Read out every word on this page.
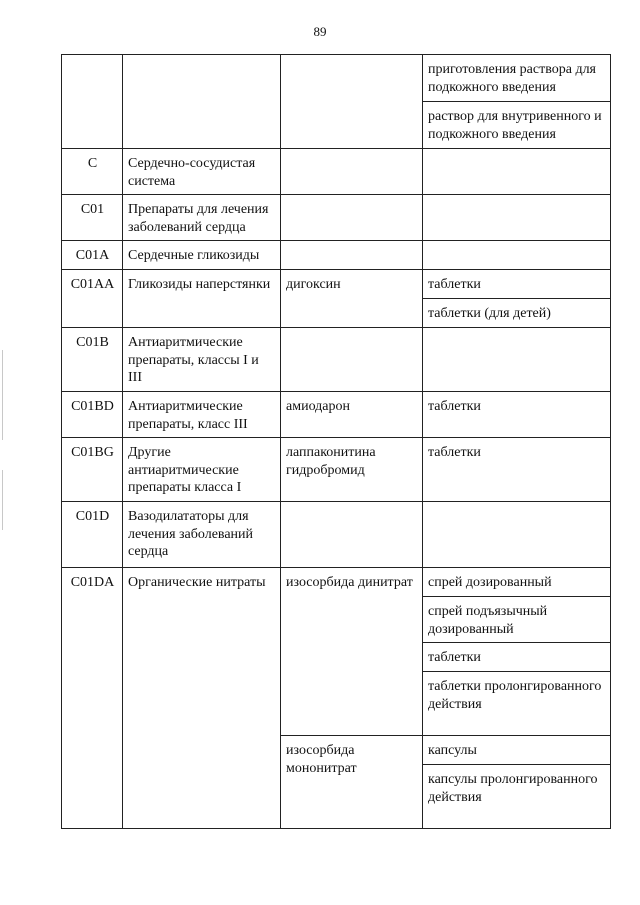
89
			приготовления раствора для подкожного введения
			раствор для внутривенного и подкожного введения
C	Сердечно-сосудистая система		
C01	Препараты для лечения заболеваний сердца		
C01A	Сердечные гликозиды		
C01AA	Гликозиды наперстянки	дигоксин	таблетки
			таблетки (для детей)
C01B	Антиаритмические препараты, классы I и III		
C01BD	Антиаритмические препараты, класс III	амиодарон	таблетки
C01BG	Другие антиаритмические препараты класса I	лаппаконитина гидробромид	таблетки
C01D	Вазодилататоры для лечения заболеваний сердца		
C01DA	Органические нитраты	изосорбида динитрат	спрей дозированный
			спрей подъязычный дозированный
			таблетки
			таблетки пролонгированного действия
		изосорбида мононитрат	капсулы
			капсулы пролонгированного действия
